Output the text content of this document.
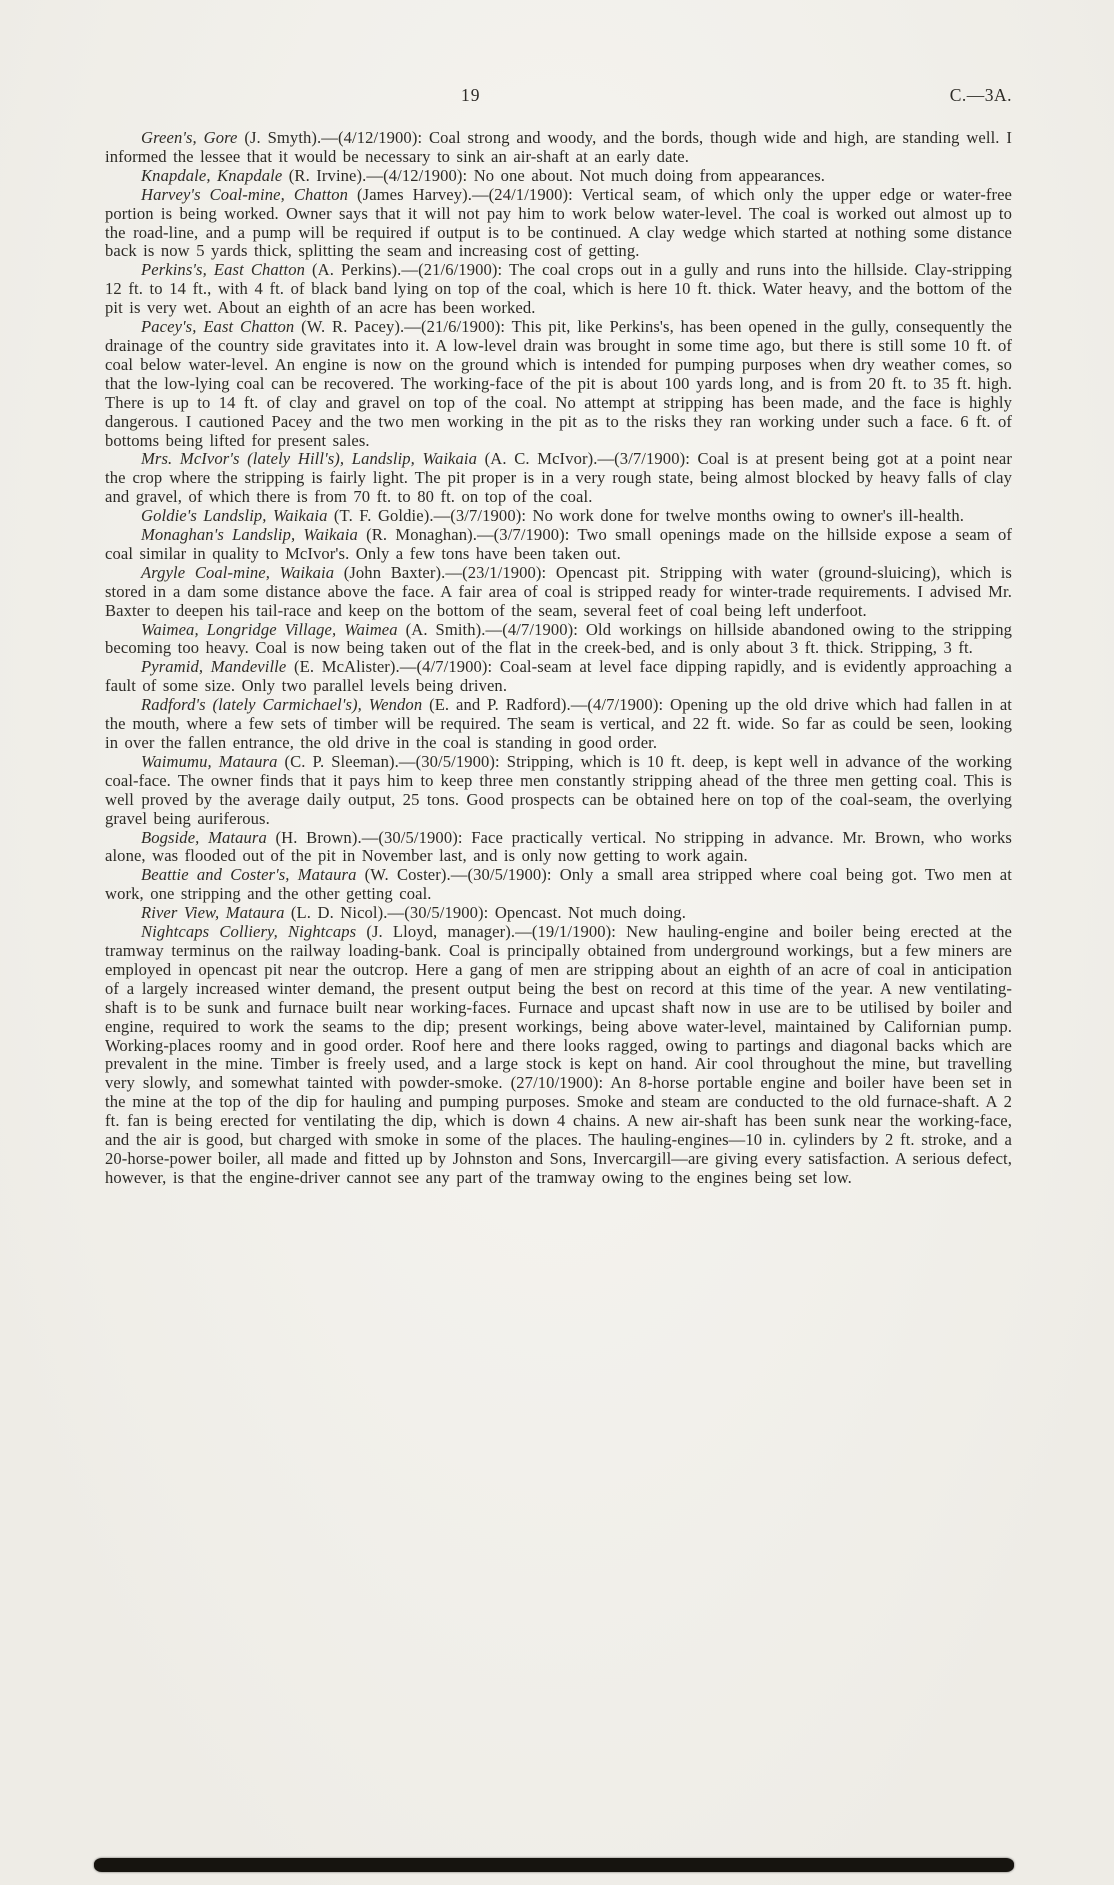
19	C.—3A.

Green's, Gore (J. Smyth).—(4/12/1900): Coal strong and woody, and the bords, though wide and high, are standing well. I informed the lessee that it would be necessary to sink an air-shaft at an early date.

Knapdale, Knapdale (R. Irvine).—(4/12/1900): No one about. Not much doing from appearances.

Harvey's Coal-mine, Chatton (James Harvey).—(24/1/1900): Vertical seam, of which only the upper edge or water-free portion is being worked. Owner says that it will not pay him to work below water-level. The coal is worked out almost up to the road-line, and a pump will be required if output is to be continued. A clay wedge which started at nothing some distance back is now 5 yards thick, splitting the seam and increasing cost of getting.

Perkins's, East Chatton (A. Perkins).—(21/6/1900): The coal crops out in a gully and runs into the hillside. Clay-stripping 12 ft. to 14 ft., with 4 ft. of black band lying on top of the coal, which is here 10 ft. thick. Water heavy, and the bottom of the pit is very wet. About an eighth of an acre has been worked.

Pacey's, East Chatton (W. R. Pacey).—(21/6/1900): This pit, like Perkins's, has been opened in the gully, consequently the drainage of the country side gravitates into it. A low-level drain was brought in some time ago, but there is still some 10 ft. of coal below water-level. An engine is now on the ground which is intended for pumping purposes when dry weather comes, so that the low-lying coal can be recovered. The working-face of the pit is about 100 yards long, and is from 20 ft. to 35 ft. high. There is up to 14 ft. of clay and gravel on top of the coal. No attempt at stripping has been made, and the face is highly dangerous. I cautioned Pacey and the two men working in the pit as to the risks they ran working under such a face. 6 ft. of bottoms being lifted for present sales.

Mrs. McIvor's (lately Hill's), Landslip, Waikaia (A. C. McIvor).—(3/7/1900): Coal is at present being got at a point near the crop where the stripping is fairly light. The pit proper is in a very rough state, being almost blocked by heavy falls of clay and gravel, of which there is from 70 ft. to 80 ft. on top of the coal.

Goldie's Landslip, Waikaia (T. F. Goldie).—(3/7/1900): No work done for twelve months owing to owner's ill-health.

Monaghan's Landslip, Waikaia (R. Monaghan).—(3/7/1900): Two small openings made on the hillside expose a seam of coal similar in quality to McIvor's. Only a few tons have been taken out.

Argyle Coal-mine, Waikaia (John Baxter).—(23/1/1900): Opencast pit. Stripping with water (ground-sluicing), which is stored in a dam some distance above the face. A fair area of coal is stripped ready for winter-trade requirements. I advised Mr. Baxter to deepen his tail-race and keep on the bottom of the seam, several feet of coal being left underfoot.

Waimea, Longridge Village, Waimea (A. Smith).—(4/7/1900): Old workings on hillside abandoned owing to the stripping becoming too heavy. Coal is now being taken out of the flat in the creek-bed, and is only about 3 ft. thick. Stripping, 3 ft.

Pyramid, Mandeville (E. McAlister).—(4/7/1900): Coal-seam at level face dipping rapidly, and is evidently approaching a fault of some size. Only two parallel levels being driven.

Radford's (lately Carmichael's), Wendon (E. and P. Radford).—(4/7/1900): Opening up the old drive which had fallen in at the mouth, where a few sets of timber will be required. The seam is vertical, and 22 ft. wide. So far as could be seen, looking in over the fallen entrance, the old drive in the coal is standing in good order.

Waimumu, Mataura (C. P. Sleeman).—(30/5/1900): Stripping, which is 10 ft. deep, is kept well in advance of the working coal-face. The owner finds that it pays him to keep three men constantly stripping ahead of the three men getting coal. This is well proved by the average daily output, 25 tons. Good prospects can be obtained here on top of the coal-seam, the overlying gravel being auriferous.

Bogside, Mataura (H. Brown).—(30/5/1900): Face practically vertical. No stripping in advance. Mr. Brown, who works alone, was flooded out of the pit in November last, and is only now getting to work again.

Beattie and Coster's, Mataura (W. Coster).—(30/5/1900): Only a small area stripped where coal being got. Two men at work, one stripping and the other getting coal.

River View, Mataura (L. D. Nicol).—(30/5/1900): Opencast. Not much doing.

Nightcaps Colliery, Nightcaps (J. Lloyd, manager).—(19/1/1900): New hauling-engine and boiler being erected at the tramway terminus on the railway loading-bank. Coal is principally obtained from underground workings, but a few miners are employed in opencast pit near the outcrop. Here a gang of men are stripping about an eighth of an acre of coal in anticipation of a largely increased winter demand, the present output being the best on record at this time of the year. A new ventilating-shaft is to be sunk and furnace built near working-faces. Furnace and upcast shaft now in use are to be utilised by boiler and engine, required to work the seams to the dip; present workings, being above water-level, maintained by Californian pump. Working-places roomy and in good order. Roof here and there looks ragged, owing to partings and diagonal backs which are prevalent in the mine. Timber is freely used, and a large stock is kept on hand. Air cool throughout the mine, but travelling very slowly, and somewhat tainted with powder-smoke. (27/10/1900): An 8-horse portable engine and boiler have been set in the mine at the top of the dip for hauling and pumping purposes. Smoke and steam are conducted to the old furnace-shaft. A 2 ft. fan is being erected for ventilating the dip, which is down 4 chains. A new air-shaft has been sunk near the working-face, and the air is good, but charged with smoke in some of the places. The hauling-engines—10 in. cylinders by 2 ft. stroke, and a 20-horse-power boiler, all made and fitted up by Johnston and Sons, Invercargill—are giving every satisfaction. A serious defect, however, is that the engine-driver cannot see any part of the tramway owing to the engines being set low.
